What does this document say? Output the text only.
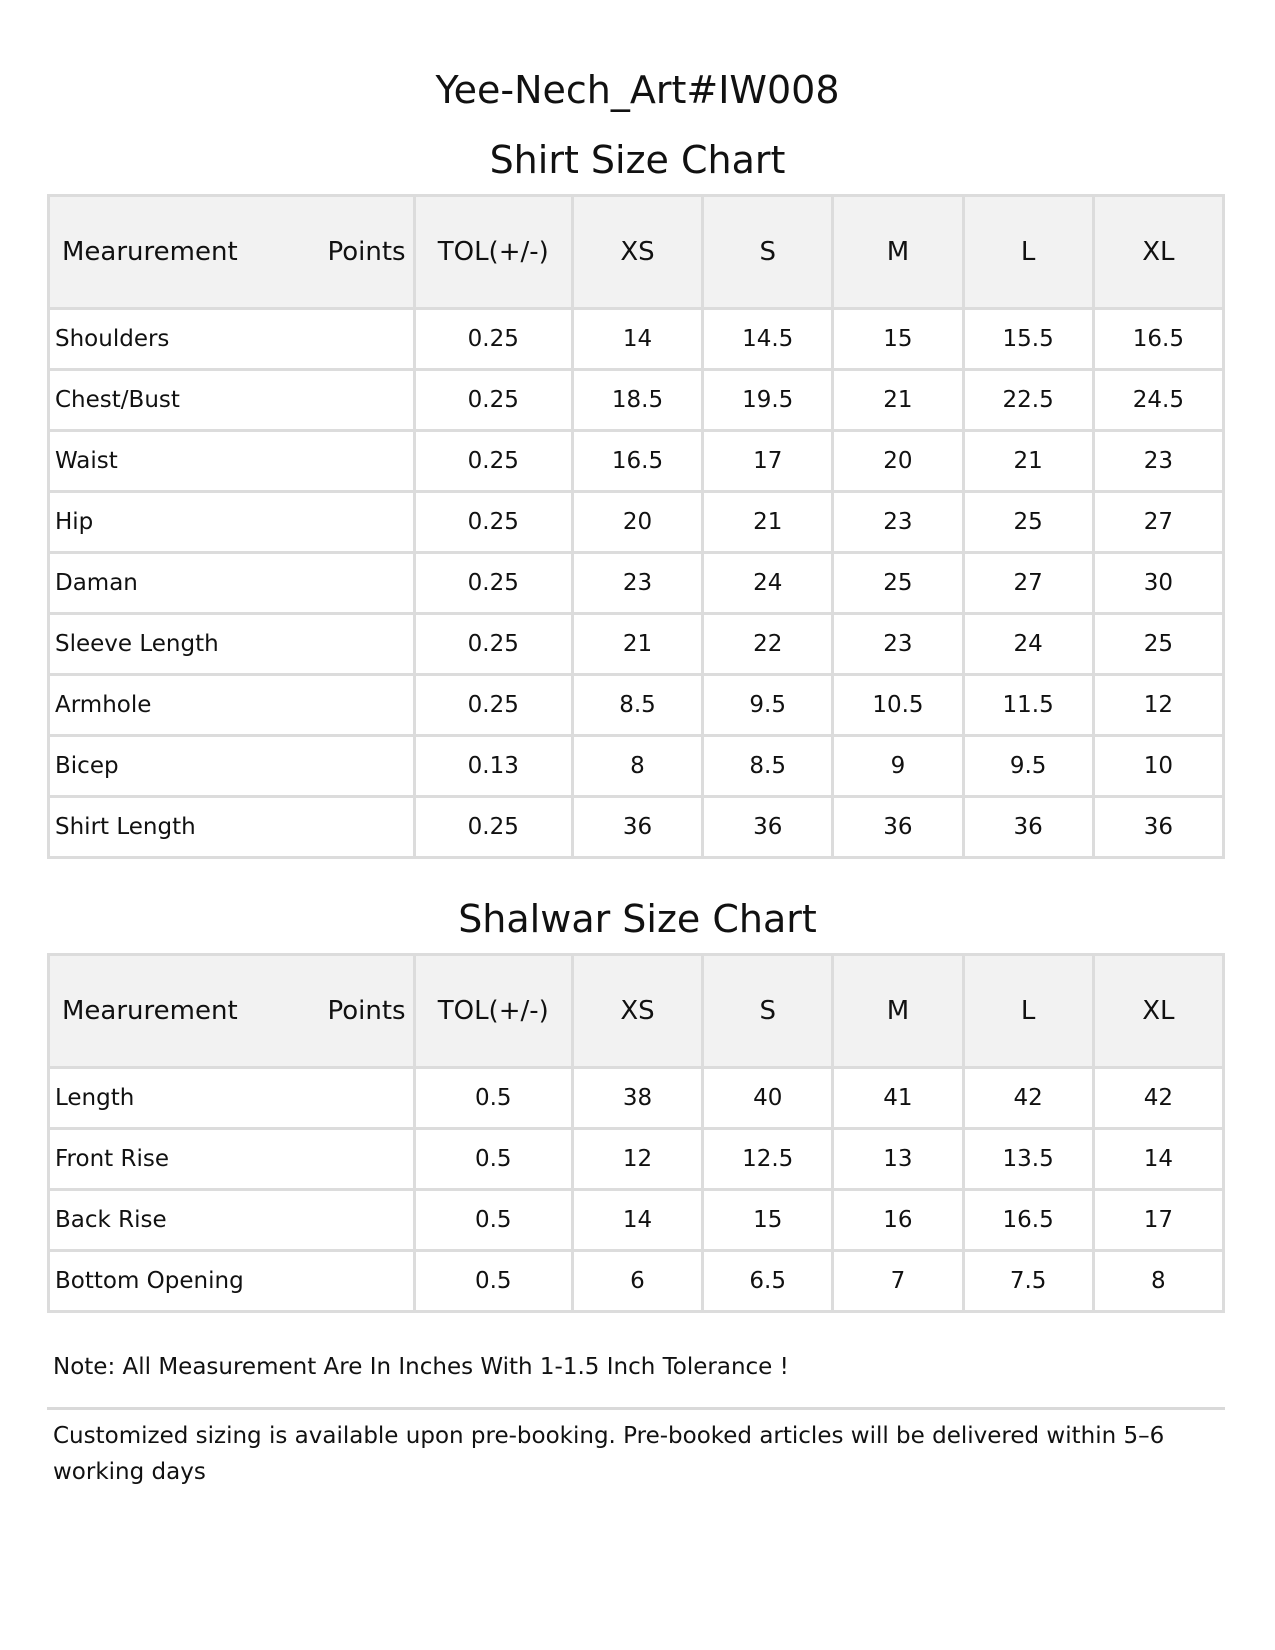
Yee-Nech_Art#IW008
Shirt Size Chart
Mearurement Points	TOL(+/-)	XS	S	M	L	XL
Shoulders	0.25	14	14.5	15	15.5	16.5
Chest/Bust	0.25	18.5	19.5	21	22.5	24.5
Waist	0.25	16.5	17	20	21	23
Hip	0.25	20	21	23	25	27
Daman	0.25	23	24	25	27	30
Sleeve Length	0.25	21	22	23	24	25
Armhole	0.25	8.5	9.5	10.5	11.5	12
Bicep	0.13	8	8.5	9	9.5	10
Shirt Length	0.25	36	36	36	36	36
Shalwar Size Chart
Mearurement Points	TOL(+/-)	XS	S	M	L	XL
Length	0.5	38	40	41	42	42
Front Rise	0.5	12	12.5	13	13.5	14
Back Rise	0.5	14	15	16	16.5	17
Bottom Opening	0.5	6	6.5	7	7.5	8

Note: All Measurement Are In Inches With 1-1.5 Inch Tolerance !

Customized sizing is available upon pre-booking. Pre-booked articles will be delivered within 5–6 working days
